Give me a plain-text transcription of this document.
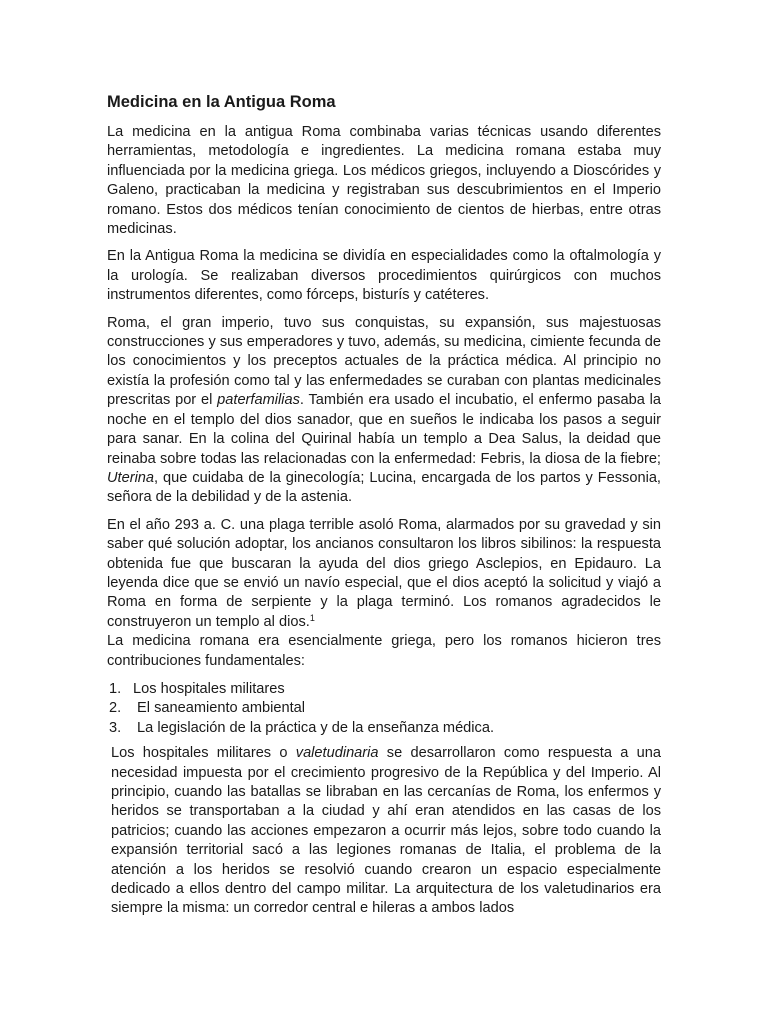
Medicina en la Antigua Roma

La medicina en la antigua Roma combinaba varias técnicas usando diferentes herramientas, metodología e ingredientes. La medicina romana estaba muy influenciada por la medicina griega. Los médicos griegos, incluyendo a Dioscórides y Galeno, practicaban la medicina y registraban sus descubrimientos en el Imperio romano. Estos dos médicos tenían conocimiento de cientos de hierbas, entre otras medicinas.

En la Antigua Roma la medicina se dividía en especialidades como la oftalmología y la urología. Se realizaban diversos procedimientos quirúrgicos con muchos instrumentos diferentes, como fórceps, bisturís y catéteres.

Roma, el gran imperio, tuvo sus conquistas, su expansión, sus majestuosas construcciones y sus emperadores y tuvo, además, su medicina, cimiente fecunda de los conocimientos y los preceptos actuales de la práctica médica. Al principio no existía la profesión como tal y las enfermedades se curaban con plantas medicinales prescritas por el paterfamilias. También era usado el incubatio, el enfermo pasaba la noche en el templo del dios sanador, que en sueños le indicaba los pasos a seguir para sanar. En la colina del Quirinal había un templo a Dea Salus, la deidad que reinaba sobre todas las relacionadas con la enfermedad: Febris, la diosa de la fiebre; Uterina, que cuidaba de la ginecología; Lucina, encargada de los partos y Fessonia, señora de la debilidad y de la astenia.

En el año 293 a. C. una plaga terrible asoló Roma, alarmados por su gravedad y sin saber qué solución adoptar, los ancianos consultaron los libros sibilinos: la respuesta obtenida fue que buscaran la ayuda del dios griego Asclepios, en Epidauro. La leyenda dice que se envió un navío especial, que el dios aceptó la solicitud y viajó a Roma en forma de serpiente y la plaga terminó. Los romanos agradecidos le construyeron un templo al dios.$^1$
La medicina romana era esencialmente griega, pero los romanos hicieron tres contribuciones fundamentales:

1. Los hospitales militares
2. El saneamiento ambiental
3. La legislación de la práctica y de la enseñanza médica.

Los hospitales militares o valetudinaria se desarrollaron como respuesta a una necesidad impuesta por el crecimiento progresivo de la República y del Imperio. Al principio, cuando las batallas se libraban en las cercanías de Roma, los enfermos y heridos se transportaban a la ciudad y ahí eran atendidos en las casas de los patricios; cuando las acciones empezaron a ocurrir más lejos, sobre todo cuando la expansión territorial sacó a las legiones romanas de Italia, el problema de la atención a los heridos se resolvió cuando crearon un espacio especialmente dedicado a ellos dentro del campo militar. La arquitectura de los valetudinarios era siempre la misma: un corredor central e hileras a ambos lados
